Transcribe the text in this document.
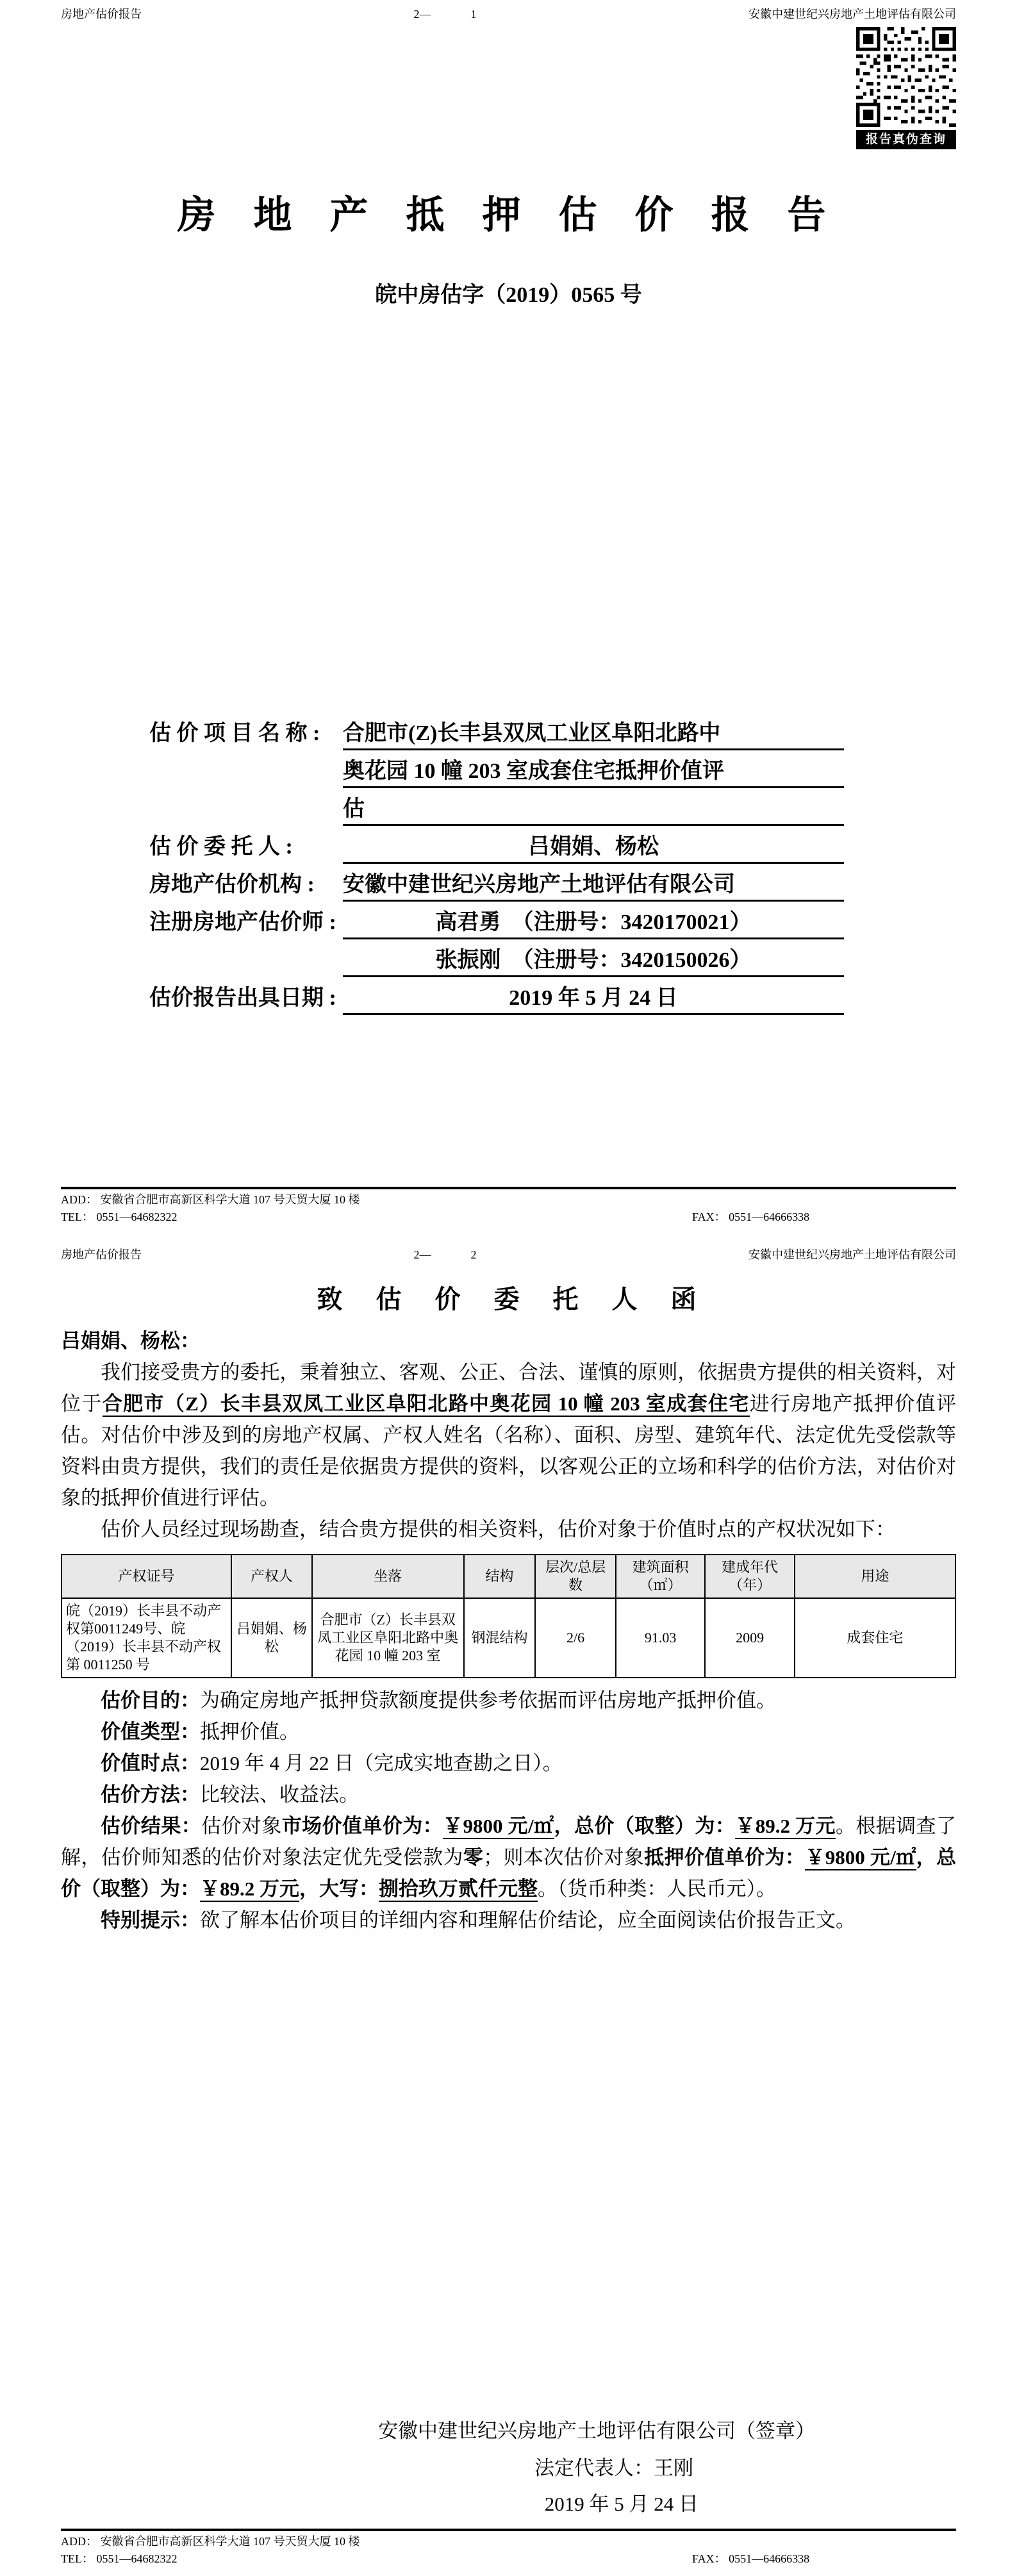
房地产估价报告	2—	1	安徽中建世纪兴房地产土地评估有限公司
报告真伪查询
房 地 产 抵 押 估 价 报 告
皖中房估字（2019）0565 号
估 价 项 目 名 称 :	合肥市(Z)长丰县双凤工业区阜阳北路中
奥花园 10 幢 203 室成套住宅抵押价值评
估
估 价 委 托 人 :	吕娟娟、杨松
房地产估价机构 :	安徽中建世纪兴房地产土地评估有限公司
注册房地产估价师 :	高君勇　（注册号：3420170021）
张振刚　（注册号：3420150026）
估价报告出具日期 :	2019 年 5 月 24 日
ADD： 安徽省合肥市高新区科学大道 107 号天贸大厦 10 楼
TEL： 0551—64682322	FAX： 0551—64666338
房地产估价报告	2—	2	安徽中建世纪兴房地产土地评估有限公司
致　估　价　委　托　人　函
吕娟娟、杨松：
我们接受贵方的委托，秉着独立、客观、公正、合法、谨慎的原则，依据贵方提供的相关资料，对位于合肥市（Z）长丰县双凤工业区阜阳北路中奥花园 10 幢 203 室成套住宅进行房地产抵押价值评估。对估价中涉及到的房地产权属、产权人姓名（名称）、面积、房型、建筑年代、法定优先受偿款等资料由贵方提供，我们的责任是依据贵方提供的资料，以客观公正的立场和科学的估价方法，对估价对象的抵押价值进行评估。
估价人员经过现场勘查，结合贵方提供的相关资料，估价对象于价值时点的产权状况如下：
产权证号	产权人	坐落	结构	层次/总层数	建筑面积（㎡）	建成年代（年）	用途
皖（2019）长丰县不动产权第0011249号、皖（2019）长丰县不动产权第 0011250 号	吕娟娟、杨松	合肥市（Z）长丰县双凤工业区阜阳北路中奥花园 10 幢 203 室	钢混结构	2/6	91.03	2009	成套住宅
估价目的：为确定房地产抵押贷款额度提供参考依据而评估房地产抵押价值。
价值类型：抵押价值。
价值时点：2019 年 4 月 22 日（完成实地查勘之日）。
估价方法：比较法、收益法。
估价结果：估价对象市场价值单价为：￥9800 元/㎡，总价（取整）为：￥89.2 万元。根据调查了解，估价师知悉的估价对象法定优先受偿款为零；则本次估价对象抵押价值单价为：￥9800 元/㎡，总价（取整）为：￥89.2 万元，大写：捌拾玖万贰仟元整。（货币种类：人民币元）。
特别提示：欲了解本估价项目的详细内容和理解估价结论，应全面阅读估价报告正文。
安徽中建世纪兴房地产土地评估有限公司（签章）
法定代表人：王刚
2019 年 5 月 24 日
ADD： 安徽省合肥市高新区科学大道 107 号天贸大厦 10 楼
TEL： 0551—64682322	FAX： 0551—64666338
